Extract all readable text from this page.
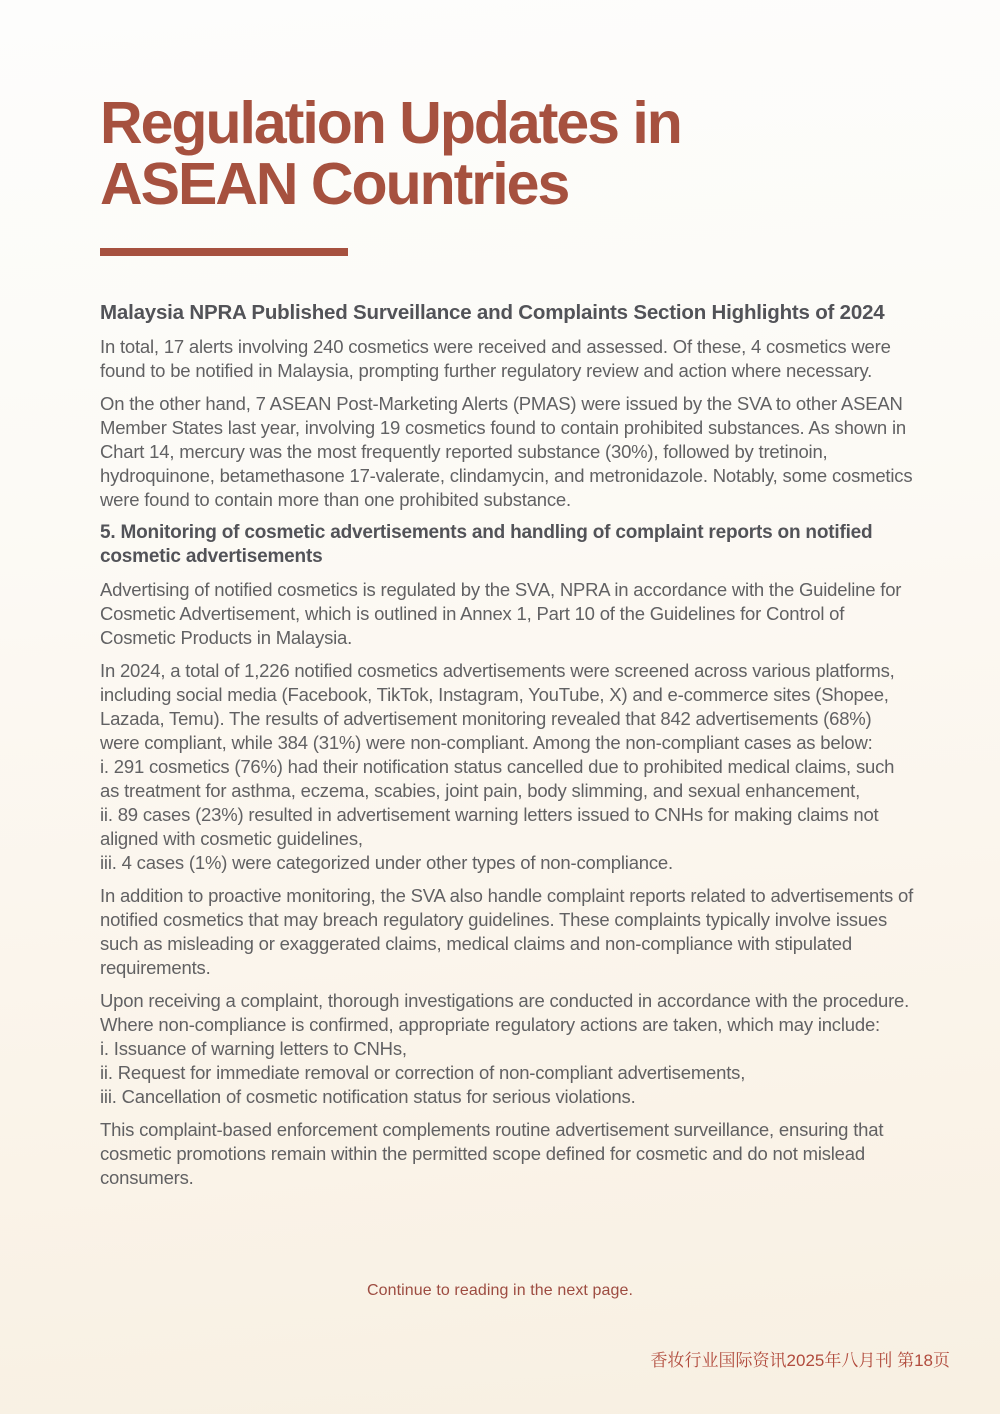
Regulation Updates in
ASEAN Countries
Malaysia NPRA Published Surveillance and Complaints Section Highlights of 2024

In total, 17 alerts involving 240 cosmetics were received and assessed. Of these, 4 cosmetics were found to be notified in Malaysia, prompting further regulatory review and action where necessary.

On the other hand, 7 ASEAN Post-Marketing Alerts (PMAS) were issued by the SVA to other ASEAN Member States last year, involving 19 cosmetics found to contain prohibited substances. As shown in Chart 14, mercury was the most frequently reported substance (30%), followed by tretinoin, hydroquinone, betamethasone 17-valerate, clindamycin, and metronidazole. Notably, some cosmetics were found to contain more than one prohibited substance.

5. Monitoring of cosmetic advertisements and handling of complaint reports on notified cosmetic advertisements

Advertising of notified cosmetics is regulated by the SVA, NPRA in accordance with the Guideline for Cosmetic Advertisement, which is outlined in Annex 1, Part 10 of the Guidelines for Control of Cosmetic Products in Malaysia.

In 2024, a total of 1,226 notified cosmetics advertisements were screened across various platforms, including social media (Facebook, TikTok, Instagram, YouTube, X) and e-commerce sites (Shopee, Lazada, Temu). The results of advertisement monitoring revealed that 842 advertisements (68%) were compliant, while 384 (31%) were non-compliant. Among the non-compliant cases as below:
i. 291 cosmetics (76%) had their notification status cancelled due to prohibited medical claims, such as treatment for asthma, eczema, scabies, joint pain, body slimming, and sexual enhancement,
ii. 89 cases (23%) resulted in advertisement warning letters issued to CNHs for making claims not aligned with cosmetic guidelines,
iii. 4 cases (1%) were categorized under other types of non-compliance.

In addition to proactive monitoring, the SVA also handle complaint reports related to advertisements of notified cosmetics that may breach regulatory guidelines. These complaints typically involve issues such as misleading or exaggerated claims, medical claims and non-compliance with stipulated requirements.

Upon receiving a complaint, thorough investigations are conducted in accordance with the procedure. Where non-compliance is confirmed, appropriate regulatory actions are taken, which may include:
i. Issuance of warning letters to CNHs,
ii. Request for immediate removal or correction of non-compliant advertisements,
iii. Cancellation of cosmetic notification status for serious violations.

This complaint-based enforcement complements routine advertisement surveillance, ensuring that cosmetic promotions remain within the permitted scope defined for cosmetic and do not mislead consumers.

Continue to reading in the next page.
香妆行业国际资讯2025年八月刊 第18页
